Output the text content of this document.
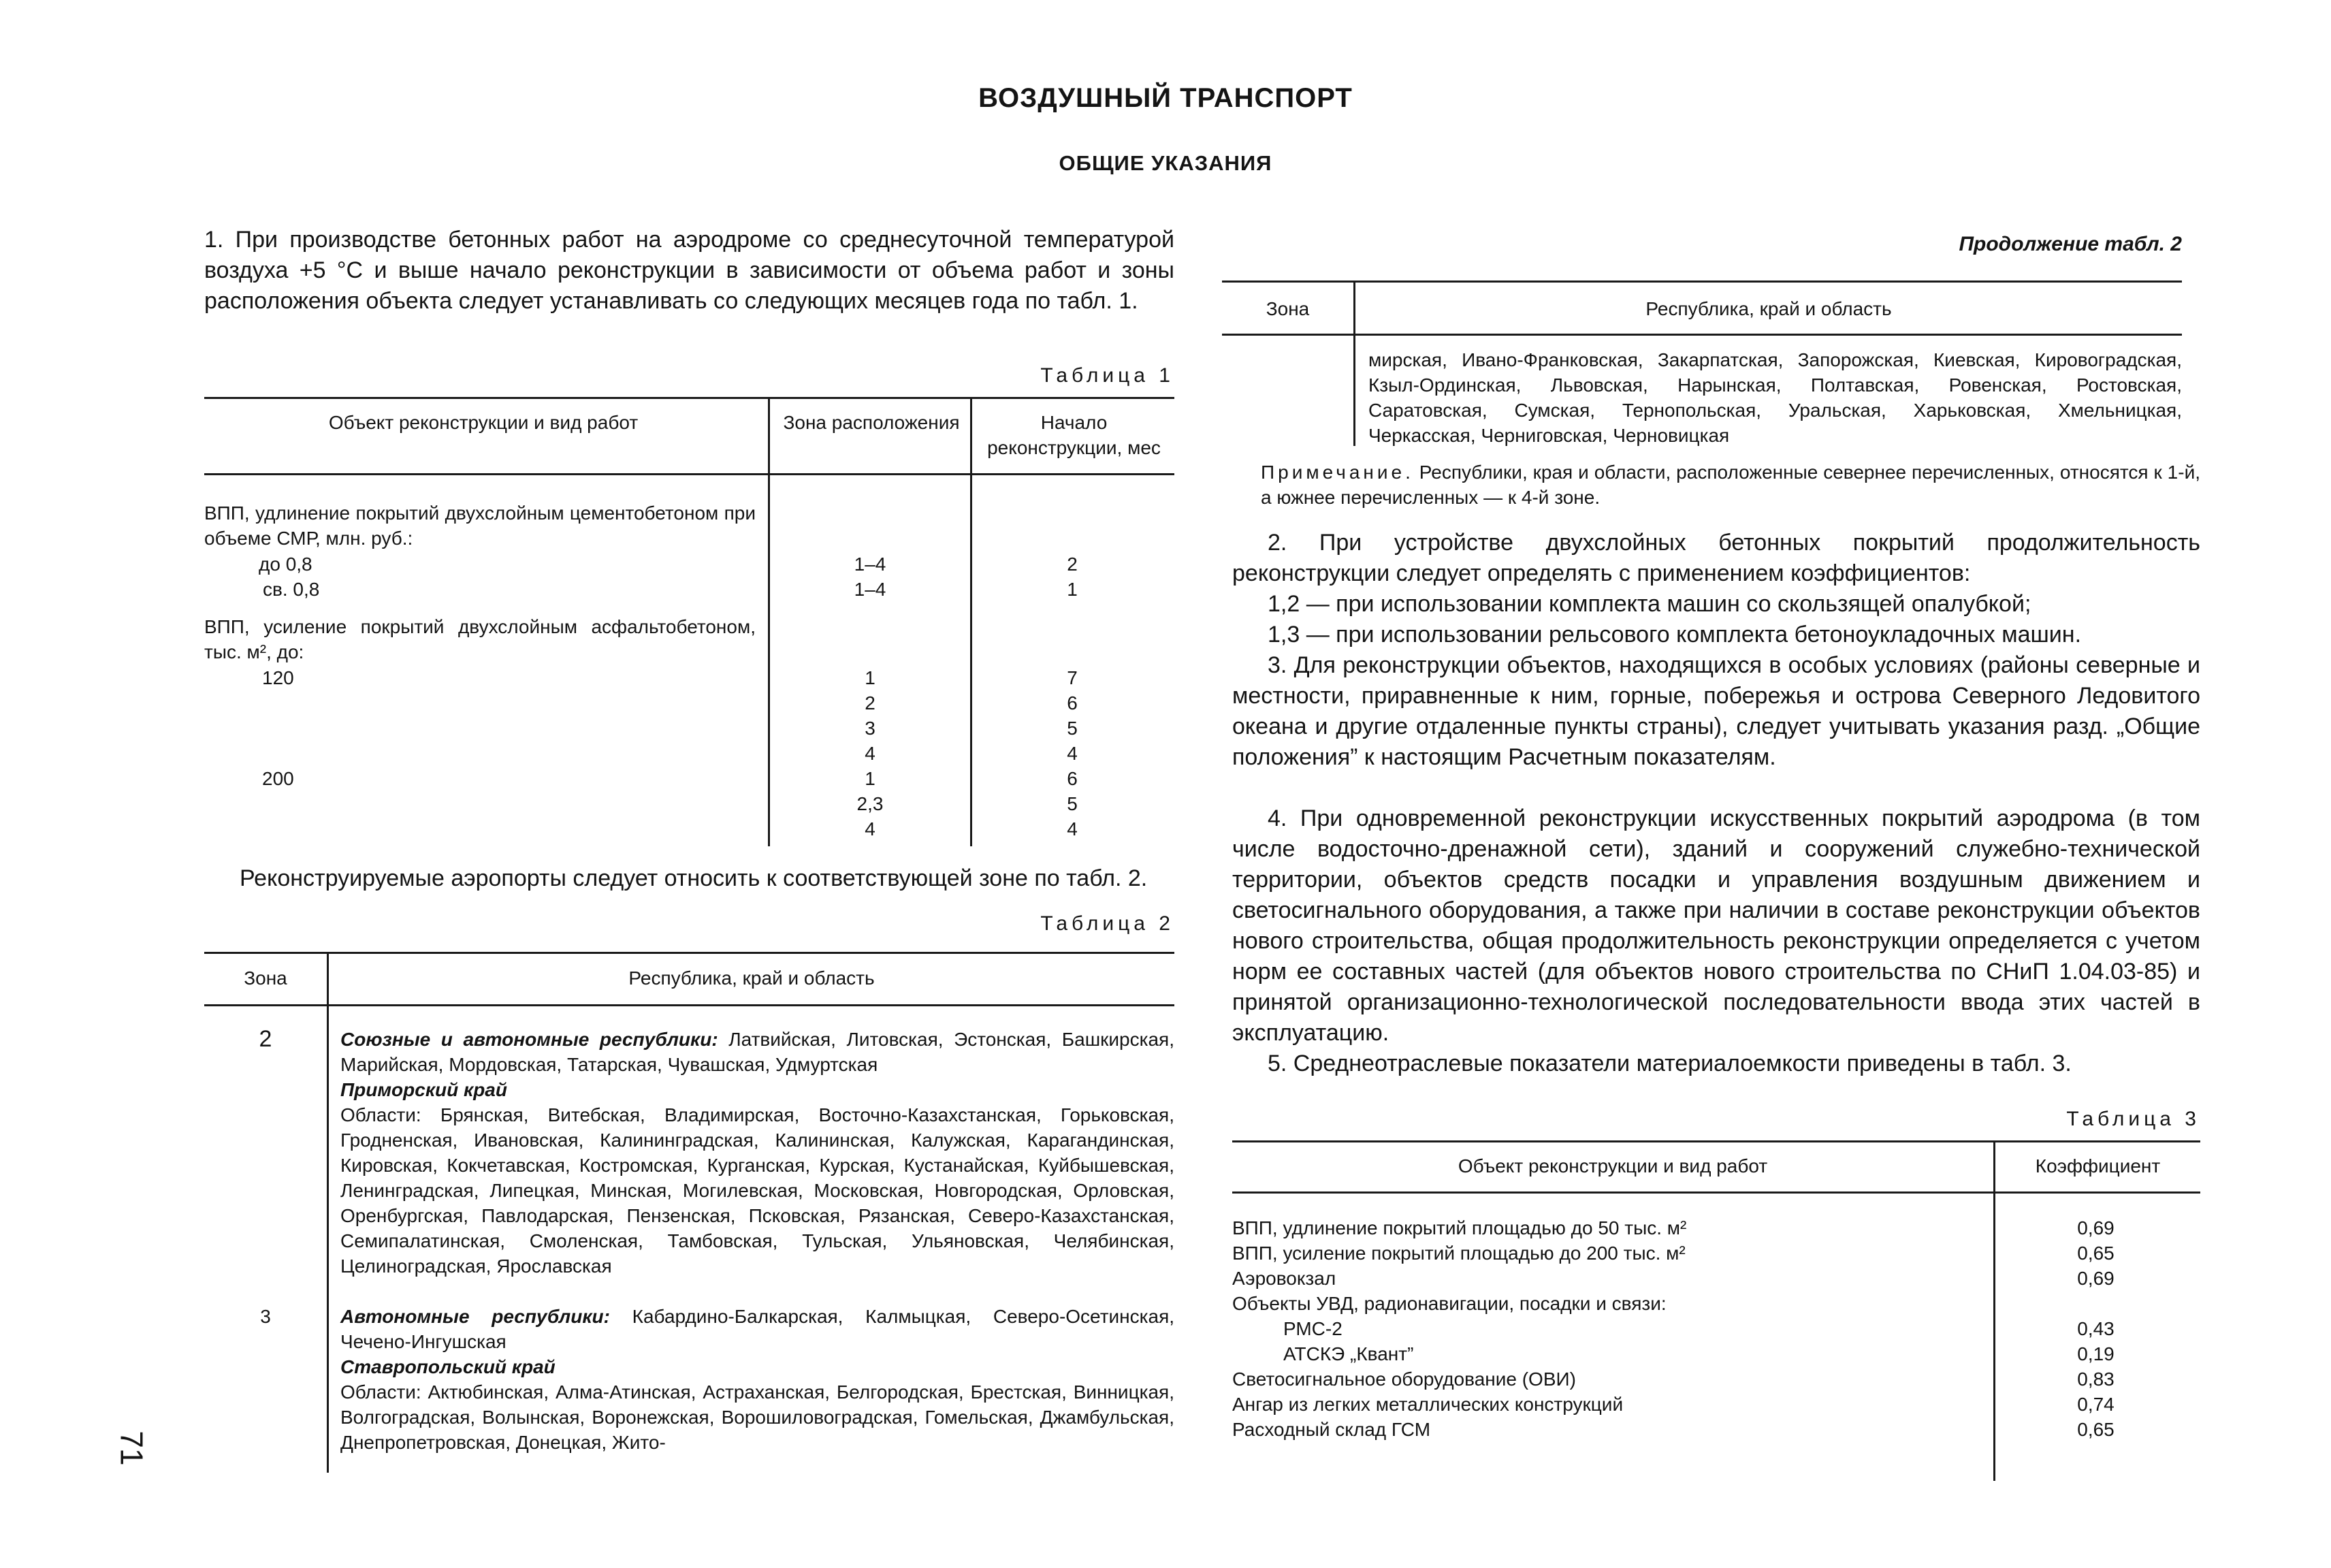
ВОЗДУШНЫЙ ТРАНСПОРТ
ОБЩИЕ УКАЗАНИЯ
1. При производстве бетонных работ на аэродроме со среднесуточной температурой воздуха +5 °С и выше начало реконструкции в зависимости от объема работ и зоны расположения объекта следует устанавливать со следующих месяцев года по табл. 1.
Таблица 1
Объект реконструкции и вид работ	Зона расположения	Начало реконструкции, мес
ВПП, удлинение покрытий двухслойным цементобетоном при объеме СМР, млн. руб.:
до 0,8	1–4	2
св. 0,8	1–4	1
ВПП, усиление покрытий двухслойным асфальтобетоном, тыс. м², до:
120	1	7
2	6
3	5
4	4
200	1	6
2,3	5
4	4
Реконструируемые аэропорты следует относить к соответствующей зоне по табл. 2.
Таблица 2
Зона	Республика, край и область
2	Союзные и автономные республики: Латвийская, Литовская, Эстонская, Башкирская, Марийская, Мордовская, Татарская, Чувашская, Удмуртская
Приморский край
Области: Брянская, Витебская, Владимирская, Восточно-Казахстанская, Горьковская, Гродненская, Ивановская, Калининградская, Калининская, Калужская, Карагандинская, Кировская, Кокчетавская, Костромская, Курганская, Курская, Кустанайская, Куйбышевская, Ленинградская, Липецкая, Минская, Могилевская, Московская, Новгородская, Орловская, Оренбургская, Павлодарская, Пензенская, Псковская, Рязанская, Северо-Казахстанская, Семипалатинская, Смоленская, Тамбовская, Тульская, Ульяновская, Челябинская, Целиноградская, Ярославская
3	Автономные республики: Кабардино-Балкарская, Калмыцкая, Северо-Осетинская, Чечено-Ингушская
Ставропольский край
Области: Актюбинская, Алма-Атинская, Астраханская, Белгородская, Брестская, Винницкая, Волгоградская, Волынская, Воронежская, Ворошиловоградская, Гомельская, Джамбульская, Днепропетровская, Донецкая, Жито-
71
Продолжение табл. 2
Зона	Республика, край и область
мирская, Ивано-Франковская, Закарпатская, Запорожская, Киевская, Кировоградская, Кзыл-Ординская, Львовская, Нарынская, Полтавская, Ровенская, Ростовская, Саратовская, Сумская, Тернопольская, Уральская, Харьковская, Хмельницкая, Черкасская, Черниговская, Черновицкая
Примечание. Республики, края и области, расположенные севернее перечисленных, относятся к 1-й, а южнее перечисленных — к 4-й зоне.
2. При устройстве двухслойных бетонных покрытий продолжительность реконструкции следует определять с применением коэффициентов:
1,2 — при использовании комплекта машин со скользящей опалубкой;
1,3 — при использовании рельсового комплекта бетоноукладочных машин.
3. Для реконструкции объектов, находящихся в особых условиях (районы северные и местности, приравненные к ним, горные, побережья и острова Северного Ледовитого океана и другие отдаленные пункты страны), следует учитывать указания разд. „Общие положения” к настоящим Расчетным показателям.
4. При одновременной реконструкции искусственных покрытий аэродрома (в том числе водосточно-дренажной сети), зданий и сооружений служебно-технической территории, объектов средств посадки и управления воздушным движением и светосигнального оборудования, а также при наличии в составе реконструкции объектов нового строительства, общая продолжительность реконструкции определяется с учетом норм ее составных частей (для объектов нового строительства по СНиП 1.04.03-85) и принятой организационно-технологической последовательности ввода этих частей в эксплуатацию.
5. Среднеотраслевые показатели материалоемкости приведены в табл. 3.
Таблица 3
Объект реконструкции и вид работ	Коэффициент
ВПП, удлинение покрытий площадью до 50 тыс. м²	0,69
ВПП, усиление покрытий площадью до 200 тыс. м²	0,65
Аэровокзал	0,69
Объекты УВД, радионавигации, посадки и связи:
РМС-2	0,43
АТСКЭ „Квант”	0,19
Светосигнальное оборудование (ОВИ)	0,83
Ангар из легких металлических конструкций	0,74
Расходный склад ГСМ	0,65
